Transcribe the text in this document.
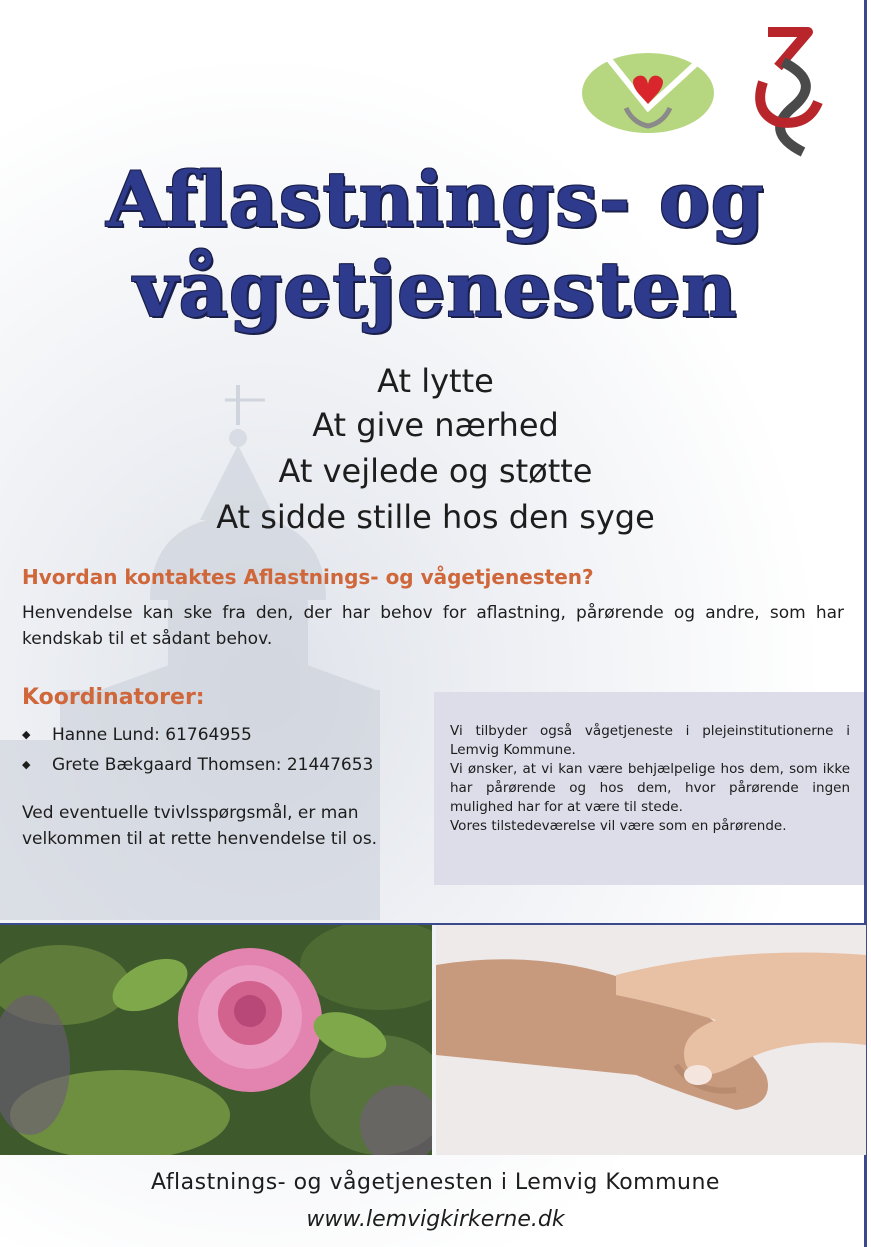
Aflastnings- og
vågetjenesten
At lytte
At give nærhed
At vejlede og støtte
At sidde stille hos den syge
Hvordan kontaktes Aflastnings- og vågetjenesten?
Henvendelse kan ske fra den, der har behov for aflastning, pårørende og andre, som har kendskab til et sådant behov.
Koordinatorer:
◆ Hanne Lund: 61764955
◆ Grete Bækgaard Thomsen: 21447653
Ved eventuelle tvivlsspørgsmål, er man velkommen til at rette henvendelse til os.

Vi tilbyder også vågetjeneste i plejeinstitutionerne i Lemvig Kommune.

Vi ønsker, at vi kan være behjælpelige hos dem, som ikke har pårørende og hos dem, hvor pårørende ingen mulighed har for at være til stede.

Vores tilstedeværelse vil være som en pårørende.

Aflastnings- og vågetjenesten i Lemvig Kommune
www.lemvigkirkerne.dk
